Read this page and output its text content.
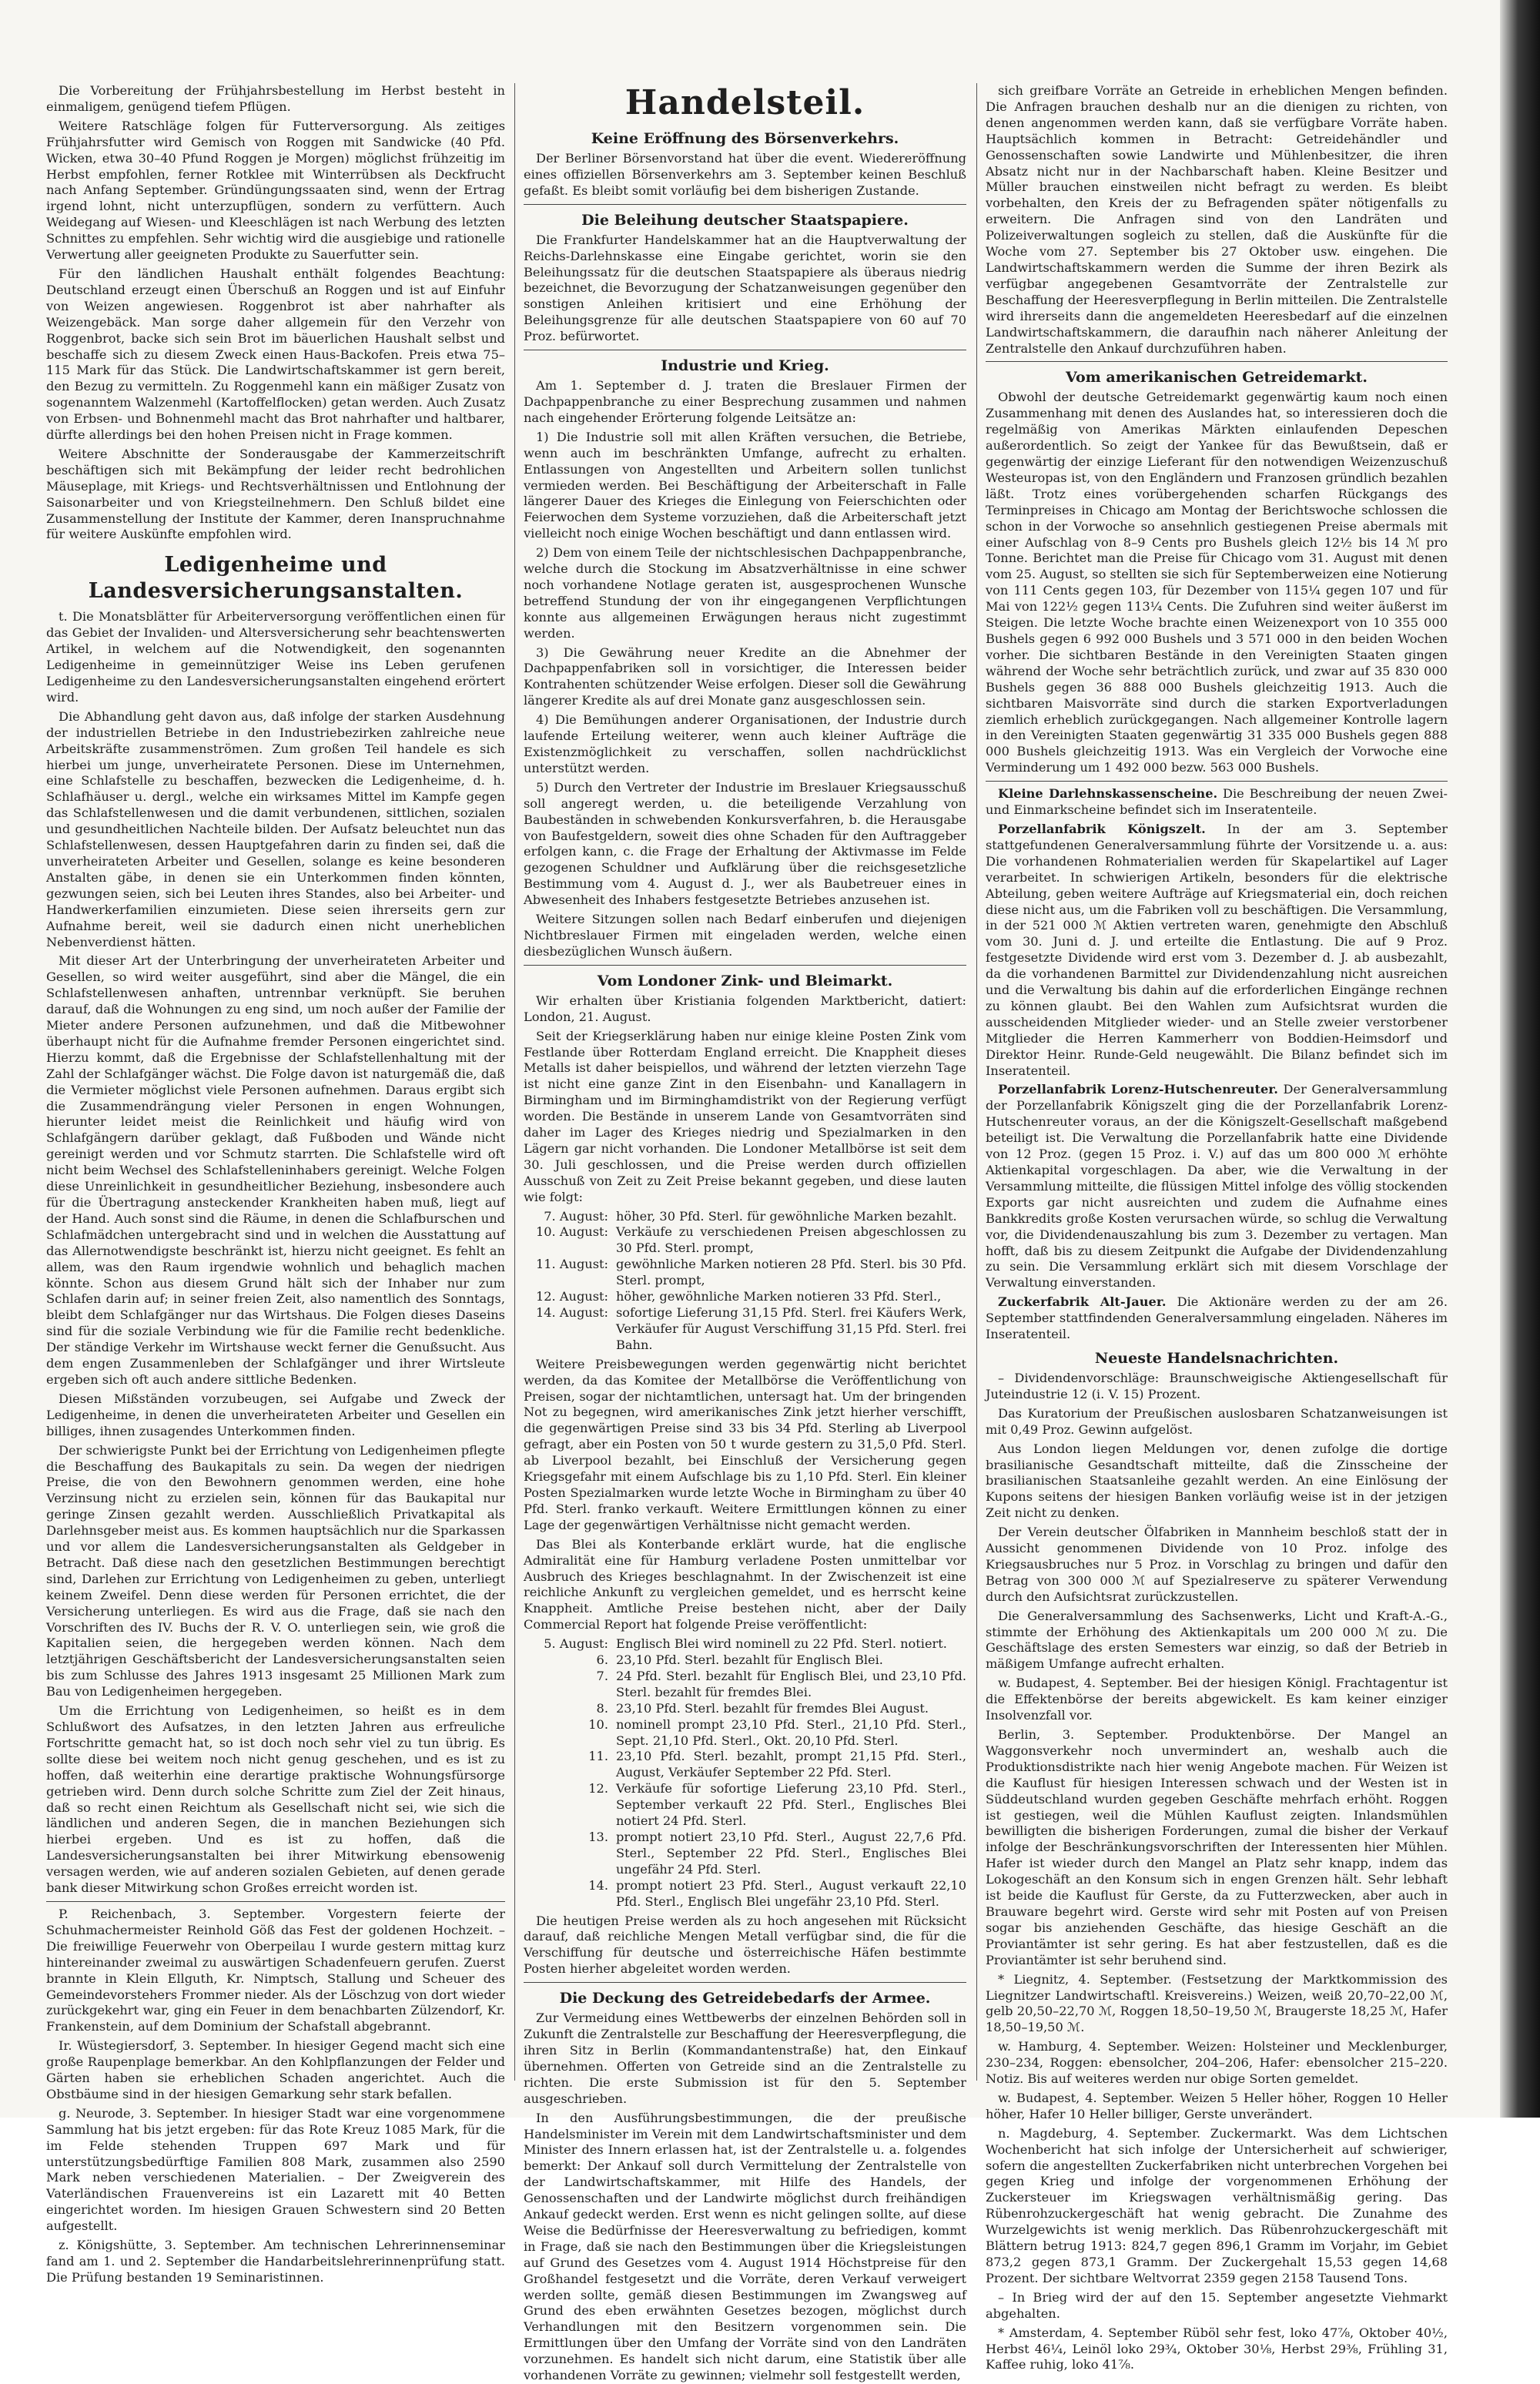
Die Vorbereitung der Frühjahrsbestellung im Herbst besteht in einmaligem, genügend tiefem Pflügen.

Weitere Ratschläge folgen für Futterversorgung. Als zeitiges Frühjahrsfutter wird Gemisch von Roggen mit Sandwicke (40 Pfd. Wicken, etwa 30–40 Pfund Roggen je Morgen) möglichst frühzeitig im Herbst empfohlen, ferner Rotklee mit Winterrübsen als Deckfrucht nach Anfang September. Gründüngungssaaten sind, wenn der Ertrag irgend lohnt, nicht unterzupflügen, sondern zu verfüttern. Auch Weidegang auf Wiesen- und Kleeschlägen ist nach Werbung des letzten Schnittes zu empfehlen. Sehr wichtig wird die ausgiebige und rationelle Verwertung aller geeigneten Produkte zu Sauerfutter sein.

Für den ländlichen Haushalt enthält folgendes Beachtung: Deutschland erzeugt einen Überschuß an Roggen und ist auf Einfuhr von Weizen angewiesen. Roggenbrot ist aber nahrhafter als Weizengebäck. Man sorge daher allgemein für den Verzehr von Roggenbrot, backe sich sein Brot im bäuerlichen Haushalt selbst und beschaffe sich zu diesem Zweck einen Haus-Backofen. Preis etwa 75–115 Mark für das Stück. Die Landwirtschaftskammer ist gern bereit, den Bezug zu vermitteln. Zu Roggenmehl kann ein mäßiger Zusatz von sogenanntem Walzenmehl (Kartoffelflocken) getan werden. Auch Zusatz von Erbsen- und Bohnenmehl macht das Brot nahrhafter und haltbarer, dürfte allerdings bei den hohen Preisen nicht in Frage kommen.

Weitere Abschnitte der Sonderausgabe der Kammerzeitschrift beschäftigen sich mit Bekämpfung der leider recht bedrohlichen Mäuseplage, mit Kriegs- und Rechtsverhältnissen und Entlohnung der Saisonarbeiter und von Kriegsteilnehmern. Den Schluß bildet eine Zusammenstellung der Institute der Kammer, deren Inanspruchnahme für weitere Auskünfte empfohlen wird.

Ledigenheime und Landesversicherungsanstalten.

t. Die Monatsblätter für Arbeiterversorgung veröffentlichen einen für das Gebiet der Invaliden- und Altersversicherung sehr beachtenswerten Artikel, in welchem auf die Notwendigkeit, den sogenannten Ledigenheime in gemeinnütziger Weise ins Leben gerufenen Ledigenheime zu den Landesversicherungsanstalten eingehend erörtert wird.

Die Abhandlung geht davon aus, daß infolge der starken Ausdehnung der industriellen Betriebe in den Industriebezirken zahlreiche neue Arbeitskräfte zusammenströmen. Zum großen Teil handele es sich hierbei um junge, unverheiratete Personen. Diese im Unternehmen, eine Schlafstelle zu beschaffen, bezwecken die Ledigenheime, d. h. Schlafhäuser u. dergl., welche ein wirksames Mittel im Kampfe gegen das Schlafstellenwesen und die damit verbundenen, sittlichen, sozialen und gesundheitlichen Nachteile bilden. Der Aufsatz beleuchtet nun das Schlafstellenwesen, dessen Hauptgefahren darin zu finden sei, daß die unverheirateten Arbeiter und Gesellen, solange es keine besonderen Anstalten gäbe, in denen sie ein Unterkommen finden könnten, gezwungen seien, sich bei Leuten ihres Standes, also bei Arbeiter- und Handwerkerfamilien einzumieten. Diese seien ihrerseits gern zur Aufnahme bereit, weil sie dadurch einen nicht unerheblichen Nebenverdienst hätten.

Mit dieser Art der Unterbringung der unverheirateten Arbeiter und Gesellen, so wird weiter ausgeführt, sind aber die Mängel, die ein Schlafstellenwesen anhaften, untrennbar verknüpft. Sie beruhen darauf, daß die Wohnungen zu eng sind, um noch außer der Familie der Mieter andere Personen aufzunehmen, und daß die Mitbewohner überhaupt nicht für die Aufnahme fremder Personen eingerichtet sind. Hierzu kommt, daß die Ergebnisse der Schlafstellenhaltung mit der Zahl der Schlafgänger wächst. Die Folge davon ist naturgemäß die, daß die Vermieter möglichst viele Personen aufnehmen. Daraus ergibt sich die Zusammendrängung vieler Personen in engen Wohnungen, hierunter leidet meist die Reinlichkeit und häufig wird von Schlafgängern darüber geklagt, daß Fußboden und Wände nicht gereinigt werden und vor Schmutz starrten. Die Schlafstelle wird oft nicht beim Wechsel des Schlafstelleninhabers gereinigt. Welche Folgen diese Unreinlichkeit in gesundheitlicher Beziehung, insbesondere auch für die Übertragung ansteckender Krankheiten haben muß, liegt auf der Hand. Auch sonst sind die Räume, in denen die Schlafburschen und Schlafmädchen untergebracht sind und in welchen die Ausstattung auf das Allernotwendigste beschränkt ist, hierzu nicht geeignet. Es fehlt an allem, was den Raum irgendwie wohnlich und behaglich machen könnte. Schon aus diesem Grund hält sich der Inhaber nur zum Schlafen darin auf; in seiner freien Zeit, also namentlich des Sonntags, bleibt dem Schlafgänger nur das Wirtshaus. Die Folgen dieses Daseins sind für die soziale Verbindung wie für die Familie recht bedenkliche. Der ständige Verkehr im Wirtshause weckt ferner die Genußsucht. Aus dem engen Zusammenleben der Schlafgänger und ihrer Wirtsleute ergeben sich oft auch andere sittliche Bedenken.

Diesen Mißständen vorzubeugen, sei Aufgabe und Zweck der Ledigenheime, in denen die unverheirateten Arbeiter und Gesellen ein billiges, ihnen zusagendes Unterkommen finden.

Der schwierigste Punkt bei der Errichtung von Ledigenheimen pflegte die Beschaffung des Baukapitals zu sein. Da wegen der niedrigen Preise, die von den Bewohnern genommen werden, eine hohe Verzinsung nicht zu erzielen sein, können für das Baukapital nur geringe Zinsen gezahlt werden. Ausschließlich Privatkapital als Darlehnsgeber meist aus. Es kommen hauptsächlich nur die Sparkassen und vor allem die Landesversicherungsanstalten als Geldgeber in Betracht. Daß diese nach den gesetzlichen Bestimmungen berechtigt sind, Darlehen zur Errichtung von Ledigenheimen zu geben, unterliegt keinem Zweifel. Denn diese werden für Personen errichtet, die der Versicherung unterliegen. Es wird aus die Frage, daß sie nach den Vorschriften des IV. Buchs der R. V. O. unterliegen sein, wie groß die Kapitalien seien, die hergegeben werden können. Nach dem letztjährigen Geschäftsbericht der Landesversicherungsanstalten seien bis zum Schlusse des Jahres 1913 insgesamt 25 Millionen Mark zum Bau von Ledigenheimen hergegeben.

Um die Errichtung von Ledigenheimen, so heißt es in dem Schlußwort des Aufsatzes, in den letzten Jahren aus erfreuliche Fortschritte gemacht hat, so ist doch noch sehr viel zu tun übrig. Es sollte diese bei weitem noch nicht genug geschehen, und es ist zu hoffen, daß weiterhin eine derartige praktische Wohnungsfürsorge getrieben wird. Denn durch solche Schritte zum Ziel der Zeit hinaus, daß so recht einen Reichtum als Gesellschaft nicht sei, wie sich die ländlichen und anderen Segen, die in manchen Beziehungen sich hierbei ergeben. Und es ist zu hoffen, daß die Landesversicherungsanstalten bei ihrer Mitwirkung ebensowenig versagen werden, wie auf anderen sozialen Gebieten, auf denen gerade bank dieser Mitwirkung schon Großes erreicht worden ist.

P. Reichenbach, 3. September. Vorgestern feierte der Schuhmachermeister Reinhold Göß das Fest der goldenen Hochzeit. – Die freiwillige Feuerwehr von Oberpeilau I wurde gestern mittag kurz hintereinander zweimal zu auswärtigen Schadenfeuern gerufen. Zuerst brannte in Klein Ellguth, Kr. Nimptsch, Stallung und Scheuer des Gemeindevorstehers Frommer nieder. Als der Löschzug von dort wieder zurückgekehrt war, ging ein Feuer in dem benachbarten Zülzendorf, Kr. Frankenstein, auf dem Dominium der Schafstall abgebrannt.

Ir. Wüstegiersdorf, 3. September. In hiesiger Gegend macht sich eine große Raupenplage bemerkbar. An den Kohlpflanzungen der Felder und Gärten haben sie erheblichen Schaden angerichtet. Auch die Obstbäume sind in der hiesigen Gemarkung sehr stark befallen.

g. Neurode, 3. September. In hiesiger Stadt war eine vorgenommene Sammlung hat bis jetzt ergeben: für das Rote Kreuz 1085 Mark, für die im Felde stehenden Truppen 697 Mark und für unterstützungsbedürftige Familien 808 Mark, zusammen also 2590 Mark neben verschiedenen Materialien. – Der Zweigverein des Vaterländischen Frauenvereins ist ein Lazarett mit 40 Betten eingerichtet worden. Im hiesigen Grauen Schwestern sind 20 Betten aufgestellt.

z. Königshütte, 3. September. Am technischen Lehrerinnenseminar fand am 1. und 2. September die Handarbeitslehrerinnenprüfung statt. Die Prüfung bestanden 19 Seminaristinnen.

Handelsteil.
Keine Eröffnung des Börsenverkehrs.

Der Berliner Börsenvorstand hat über die event. Wiedereröffnung eines offiziellen Börsenverkehrs am 3. September keinen Beschluß gefaßt. Es bleibt somit vorläufig bei dem bisherigen Zustande.

Die Beleihung deutscher Staatspapiere.

Die Frankfurter Handelskammer hat an die Hauptverwaltung der Reichs-Darlehnskasse eine Eingabe gerichtet, worin sie den Beleihungssatz für die deutschen Staatspapiere als überaus niedrig bezeichnet, die Bevorzugung der Schatzanweisungen gegenüber den sonstigen Anleihen kritisiert und eine Erhöhung der Beleihungsgrenze für alle deutschen Staatspapiere von 60 auf 70 Proz. befürwortet.

Industrie und Krieg.

Am 1. September d. J. traten die Breslauer Firmen der Dachpappenbranche zu einer Besprechung zusammen und nahmen nach eingehender Erörterung folgende Leitsätze an:

1) Die Industrie soll mit allen Kräften versuchen, die Betriebe, wenn auch im beschränkten Umfange, aufrecht zu erhalten. Entlassungen von Angestellten und Arbeitern sollen tunlichst vermieden werden. Bei Beschäftigung der Arbeiterschaft in Falle längerer Dauer des Krieges die Einlegung von Feierschichten oder Feierwochen dem Systeme vorzuziehen, daß die Arbeiterschaft jetzt vielleicht noch einige Wochen beschäftigt und dann entlassen wird.

2) Dem von einem Teile der nichtschlesischen Dachpappenbranche, welche durch die Stockung im Absatzverhältnisse in eine schwer noch vorhandene Notlage geraten ist, ausgesprochenen Wunsche betreffend Stundung der von ihr eingegangenen Verpflichtungen konnte aus allgemeinen Erwägungen heraus nicht zugestimmt werden.

3) Die Gewährung neuer Kredite an die Abnehmer der Dachpappenfabriken soll in vorsichtiger, die Interessen beider Kontrahenten schützender Weise erfolgen. Dieser soll die Gewährung längerer Kredite als auf drei Monate ganz ausgeschlossen sein.

4) Die Bemühungen anderer Organisationen, der Industrie durch laufende Erteilung weiterer, wenn auch kleiner Aufträge die Existenzmöglichkeit zu verschaffen, sollen nachdrücklichst unterstützt werden.

5) Durch den Vertreter der Industrie im Breslauer Kriegsausschuß soll angeregt werden, u. die beteiligende Verzahlung von Baubeständen in schwebenden Konkursverfahren, b. die Herausgabe von Baufestgeldern, soweit dies ohne Schaden für den Auftraggeber erfolgen kann, c. die Frage der Erhaltung der Aktivmasse im Felde gezogenen Schuldner und Aufklärung über die reichsgesetzliche Bestimmung vom 4. August d. J., wer als Baubetreuer eines in Abwesenheit des Inhabers festgesetzte Betriebes anzusehen ist.

Weitere Sitzungen sollen nach Bedarf einberufen und diejenigen Nichtbreslauer Firmen mit eingeladen werden, welche einen diesbezüglichen Wunsch äußern.

Vom Londoner Zink- und Bleimarkt.

Wir erhalten über Kristiania folgenden Marktbericht, datiert: London, 21. August.

Seit der Kriegserklärung haben nur einige kleine Posten Zink vom Festlande über Rotterdam England erreicht. Die Knappheit dieses Metalls ist daher beispiellos, und während der letzten vierzehn Tage ist nicht eine ganze Zint in den Eisenbahn- und Kanallagern in Birmingham und im Birminghamdistrikt von der Regierung verfügt worden. Die Bestände in unserem Lande von Gesamtvorräten sind daher im Lager des Krieges niedrig und Spezialmarken in den Lägern gar nicht vorhanden. Die Londoner Metallbörse ist seit dem 30. Juli geschlossen, und die Preise werden durch offiziellen Ausschuß von Zeit zu Zeit Preise bekannt gegeben, und diese lauten wie folgt:

7. August: höher, 30 Pfd. Sterl. für gewöhnliche Marken bezahlt.
10. August: Verkäufe zu verschiedenen Preisen abgeschlossen zu 30 Pfd. Sterl. prompt,
11. August: gewöhnliche Marken notieren 28 Pfd. Sterl. bis 30 Pfd. Sterl. prompt,
12. August: höher, gewöhnliche Marken notieren 33 Pfd. Sterl.,
14. August: sofortige Lieferung 31,15 Pfd. Sterl. frei Käufers Werk, Verkäufer für August Verschiffung 31,15 Pfd. Sterl. frei Bahn.

Weitere Preisbewegungen werden gegenwärtig nicht berichtet werden, da das Komitee der Metallbörse die Veröffentlichung von Preisen, sogar der nichtamtlichen, untersagt hat. Um der bringenden Not zu begegnen, wird amerikanisches Zink jetzt hierher verschifft, die gegenwärtigen Preise sind 33 bis 34 Pfd. Sterling ab Liverpool gefragt, aber ein Posten von 50 t wurde gestern zu 31,5,0 Pfd. Sterl. ab Liverpool bezahlt, bei Einschluß der Versicherung gegen Kriegsgefahr mit einem Aufschlage bis zu 1,10 Pfd. Sterl. Ein kleiner Posten Spezialmarken wurde letzte Woche in Birmingham zu über 40 Pfd. Sterl. franko verkauft. Weitere Ermittlungen können zu einer Lage der gegenwärtigen Verhältnisse nicht gemacht werden.

Das Blei als Konterbande erklärt wurde, hat die englische Admiralität eine für Hamburg verladene Posten unmittelbar vor Ausbruch des Krieges beschlagnahmt. In der Zwischenzeit ist eine reichliche Ankunft zu vergleichen gemeldet, und es herrscht keine Knappheit. Amtliche Preise bestehen nicht, aber der Daily Commercial Report hat folgende Preise veröffentlicht:

5. August: Englisch Blei wird nominell zu 22 Pfd. Sterl. notiert.
6. 23,10 Pfd. Sterl. bezahlt für Englisch Blei.
7. 24 Pfd. Sterl. bezahlt für Englisch Blei, und 23,10 Pfd. Sterl. bezahlt für fremdes Blei.
8. 23,10 Pfd. Sterl. bezahlt für fremdes Blei August.
10. nominell prompt 23,10 Pfd. Sterl., 21,10 Pfd. Sterl., Sept. 21,10 Pfd. Sterl., Okt. 20,10 Pfd. Sterl.
11. 23,10 Pfd. Sterl. bezahlt, prompt 21,15 Pfd. Sterl., August, Verkäufer September 22 Pfd. Sterl.
12. Verkäufe für sofortige Lieferung 23,10 Pfd. Sterl., September verkauft 22 Pfd. Sterl., Englisches Blei notiert 24 Pfd. Sterl.
13. prompt notiert 23,10 Pfd. Sterl., August 22,7,6 Pfd. Sterl., September 22 Pfd. Sterl., Englisches Blei ungefähr 24 Pfd. Sterl.
14. prompt notiert 23 Pfd. Sterl., August verkauft 22,10 Pfd. Sterl., Englisch Blei ungefähr 23,10 Pfd. Sterl.

Die heutigen Preise werden als zu hoch angesehen mit Rücksicht darauf, daß reichliche Mengen Metall verfügbar sind, die für die Verschiffung für deutsche und österreichische Häfen bestimmte Posten hierher abgeleitet worden werden.

Die Deckung des Getreidebedarfs der Armee.

Zur Vermeidung eines Wettbewerbs der einzelnen Behörden soll in Zukunft die Zentralstelle zur Beschaffung der Heeresverpflegung, die ihren Sitz in Berlin (Kommandantenstraße) hat, den Einkauf übernehmen. Offerten von Getreide sind an die Zentralstelle zu richten. Die erste Submission ist für den 5. September ausgeschrieben.

In den Ausführungsbestimmungen, die der preußische Handelsminister im Verein mit dem Landwirtschaftsminister und dem Minister des Innern erlassen hat, ist der Zentralstelle u. a. folgendes bemerkt: Der Ankauf soll durch Vermittelung der Zentralstelle von der Landwirtschaftskammer, mit Hilfe des Handels, der Genossenschaften und der Landwirte möglichst durch freihändigen Ankauf gedeckt werden. Erst wenn es nicht gelingen sollte, auf diese Weise die Bedürfnisse der Heeresverwaltung zu befriedigen, kommt in Frage, daß sie nach den Bestimmungen über die Kriegsleistungen auf Grund des Gesetzes vom 4. August 1914 Höchstpreise für den Großhandel festgesetzt und die Vorräte, deren Verkauf verweigert werden sollte, gemäß diesen Bestimmungen im Zwangsweg auf Grund des eben erwähnten Gesetzes bezogen, möglichst durch Verhandlungen mit den Besitzern vorgenommen sein. Die Ermittlungen über den Umfang der Vorräte sind von den Landräten vorzunehmen. Es handelt sich nicht darum, eine Statistik über alle vorhandenen Vorräte zu gewinnen; vielmehr soll festgestellt werden,

sich greifbare Vorräte an Getreide in erheblichen Mengen befinden. Die Anfragen brauchen deshalb nur an die dienigen zu richten, von denen angenommen werden kann, daß sie verfügbare Vorräte haben. Hauptsächlich kommen in Betracht: Getreidehändler und Genossenschaften sowie Landwirte und Mühlenbesitzer, die ihren Absatz nicht nur in der Nachbarschaft haben. Kleine Besitzer und Müller brauchen einstweilen nicht befragt zu werden. Es bleibt vorbehalten, den Kreis der zu Befragenden später nötigenfalls zu erweitern. Die Anfragen sind von den Landräten und Polizeiverwaltungen sogleich zu stellen, daß die Auskünfte für die Woche vom 27. September bis 27 Oktober usw. eingehen. Die Landwirtschaftskammern werden die Summe der ihren Bezirk als verfügbar angegebenen Gesamtvorräte der Zentralstelle zur Beschaffung der Heeresverpflegung in Berlin mitteilen. Die Zentralstelle wird ihrerseits dann die angemeldeten Heeresbedarf auf die einzelnen Landwirtschaftskammern, die daraufhin nach näherer Anleitung der Zentralstelle den Ankauf durchzuführen haben.

Vom amerikanischen Getreidemarkt.

Obwohl der deutsche Getreidemarkt gegenwärtig kaum noch einen Zusammenhang mit denen des Auslandes hat, so interessieren doch die regelmäßig von Amerikas Märkten einlaufenden Depeschen außerordentlich. So zeigt der Yankee für das Bewußtsein, daß er gegenwärtig der einzige Lieferant für den notwendigen Weizenzuschuß Westeuropas ist, von den Engländern und Franzosen gründlich bezahlen läßt. Trotz eines vorübergehenden scharfen Rückgangs des Terminpreises in Chicago am Montag der Berichtswoche schlossen die schon in der Vorwoche so ansehnlich gestiegenen Preise abermals mit einer Aufschlag von 8–9 Cents pro Bushels gleich 12½ bis 14 ℳ pro Tonne. Berichtet man die Preise für Chicago vom 31. August mit denen vom 25. August, so stellten sie sich für Septemberweizen eine Notierung von 111 Cents gegen 103, für Dezember von 115¼ gegen 107 und für Mai von 122½ gegen 113¼ Cents. Die Zufuhren sind weiter äußerst im Steigen. Die letzte Woche brachte einen Weizenexport von 10 355 000 Bushels gegen 6 992 000 Bushels und 3 571 000 in den beiden Wochen vorher. Die sichtbaren Bestände in den Vereinigten Staaten gingen während der Woche sehr beträchtlich zurück, und zwar auf 35 830 000 Bushels gegen 36 888 000 Bushels gleichzeitig 1913. Auch die sichtbaren Maisvorräte sind durch die starken Exportverladungen ziemlich erheblich zurückgegangen. Nach allgemeiner Kontrolle lagern in den Vereinigten Staaten gegenwärtig 31 335 000 Bushels gegen 888 000 Bushels gleichzeitig 1913. Was ein Vergleich der Vorwoche eine Verminderung um 1 492 000 bezw. 563 000 Bushels.

Kleine Darlehnskassenscheine. Die Beschreibung der neuen Zwei- und Einmarkscheine befindet sich im Inseratenteile.

Porzellanfabrik Königszelt. In der am 3. September stattgefundenen Generalversammlung führte der Vorsitzende u. a. aus: Die vorhandenen Rohmaterialien werden für Skapelartikel auf Lager verarbeitet. In schwierigen Artikeln, besonders für die elektrische Abteilung, geben weitere Aufträge auf Kriegsmaterial ein, doch reichen diese nicht aus, um die Fabriken voll zu beschäftigen. Die Versammlung, in der 521 000 ℳ Aktien vertreten waren, genehmigte den Abschluß vom 30. Juni d. J. und erteilte die Entlastung. Die auf 9 Proz. festgesetzte Dividende wird erst vom 3. Dezember d. J. ab ausbezahlt, da die vorhandenen Barmittel zur Dividendenzahlung nicht ausreichen und die Verwaltung bis dahin auf die erforderlichen Eingänge rechnen zu können glaubt. Bei den Wahlen zum Aufsichtsrat wurden die ausscheidenden Mitglieder wieder- und an Stelle zweier verstorbener Mitglieder die Herren Kammerherr von Boddien-Heimsdorf und Direktor Heinr. Runde-Geld neugewählt. Die Bilanz befindet sich im Inseratenteil.

Porzellanfabrik Lorenz-Hutschenreuter. Der Generalversammlung der Porzellanfabrik Königszelt ging die der Porzellanfabrik Lorenz-Hutschenreuter voraus, an der die Königszelt-Gesellschaft maßgebend beteiligt ist. Die Verwaltung die Porzellanfabrik hatte eine Dividende von 12 Proz. (gegen 15 Proz. i. V.) auf das um 800 000 ℳ erhöhte Aktienkapital vorgeschlagen. Da aber, wie die Verwaltung in der Versammlung mitteilte, die flüssigen Mittel infolge des völlig stockenden Exports gar nicht ausreichten und zudem die Aufnahme eines Bankkredits große Kosten verursachen würde, so schlug die Verwaltung vor, die Dividendenauszahlung bis zum 3. Dezember zu vertagen. Man hofft, daß bis zu diesem Zeitpunkt die Aufgabe der Dividendenzahlung zu sein. Die Versammlung erklärt sich mit diesem Vorschlage der Verwaltung einverstanden.

Zuckerfabrik Alt-Jauer. Die Aktionäre werden zu der am 26. September stattfindenden Generalversammlung eingeladen. Näheres im Inseratenteil.

Neueste Handelsnachrichten.

– Dividendenvorschläge: Braunschweigische Aktiengesellschaft für Juteindustrie 12 (i. V. 15) Prozent.

Das Kuratorium der Preußischen auslosbaren Schatzanweisungen ist mit 0,49 Proz. Gewinn aufgelöst.

Aus London liegen Meldungen vor, denen zufolge die dortige brasilianische Gesandtschaft mitteilte, daß die Zinsscheine der brasilianischen Staatsanleihe gezahlt werden. An eine Einlösung der Kupons seitens der hiesigen Banken vorläufig weise ist in der jetzigen Zeit nicht zu denken.

Der Verein deutscher Ölfabriken in Mannheim beschloß statt der in Aussicht genommenen Dividende von 10 Proz. infolge des Kriegsausbruches nur 5 Proz. in Vorschlag zu bringen und dafür den Betrag von 300 000 ℳ auf Spezialreserve zu späterer Verwendung durch den Aufsichtsrat zurückzustellen.

Die Generalversammlung des Sachsenwerks, Licht und Kraft-A.-G., stimmte der Erhöhung des Aktienkapitals um 200 000 ℳ zu. Die Geschäftslage des ersten Semesters war einzig, so daß der Betrieb in mäßigem Umfange aufrecht erhalten.

w. Budapest, 4. September. Bei der hiesigen Königl. Frachtagentur ist die Effektenbörse der bereits abgewickelt. Es kam keiner einziger Insolvenzfall vor.

Berlin, 3. September. Produktenbörse. Der Mangel an Waggonsverkehr noch unvermindert an, weshalb auch die Produktionsdistrikte nach hier wenig Angebote machen. Für Weizen ist die Kauflust für hiesigen Interessen schwach und der Westen ist in Süddeutschland wurden gegeben Geschäfte mehrfach erhöht. Roggen ist gestiegen, weil die Mühlen Kauflust zeigten. Inlandsmühlen bewilligten die bisherigen Forderungen, zumal die bisher der Verkauf infolge der Beschränkungsvorschriften der Interessenten hier Mühlen. Hafer ist wieder durch den Mangel an Platz sehr knapp, indem das Lokogeschäft an den Konsum sich in engen Grenzen hält. Sehr lebhaft ist beide die Kauflust für Gerste, da zu Futterzwecken, aber auch in Brauware begehrt wird. Gerste wird sehr mit Posten auf von Preisen sogar bis anziehenden Geschäfte, das hiesige Geschäft an die Proviantämter ist sehr gering. Es hat aber festzustellen, daß es die Proviantämter ist sehr beruhend sind.

* Liegnitz, 4. September. (Festsetzung der Marktkommission des Liegnitzer Landwirtschaftl. Kreisvereins.) Weizen, weiß 20,70–22,00 ℳ, gelb 20,50–22,70 ℳ, Roggen 18,50–19,50 ℳ, Braugerste 18,25 ℳ, Hafer 18,50–19,50 ℳ.

w. Hamburg, 4. September. Weizen: Holsteiner und Mecklenburger, 230–234, Roggen: ebensolcher, 204–206, Hafer: ebensolcher 215–220. Notiz. Bis auf weiteres werden nur obige Sorten gemeldet.

w. Budapest, 4. September. Weizen 5 Heller höher, Roggen 10 Heller höher, Hafer 10 Heller billiger, Gerste unverändert.

n. Magdeburg, 4. September. Zuckermarkt. Was dem Lichtschen Wochenbericht hat sich infolge der Untersicherheit auf schwieriger, sofern die angestellten Zuckerfabriken nicht unterbrechen Vorgehen bei gegen Krieg und infolge der vorgenommenen Erhöhung der Zuckersteuer im Kriegswagen verhältnismäßig gering. Das Rübenrohzuckergeschäft hat wenig gebracht. Die Zunahme des Wurzelgewichts ist wenig merklich. Das Rübenrohzuckergeschäft mit Blättern betrug 1913: 824,7 gegen 896,1 Gramm im Vorjahr, im Gebiet 873,2 gegen 873,1 Gramm. Der Zuckergehalt 15,53 gegen 14,68 Prozent. Der sichtbare Weltvorrat 2359 gegen 2158 Tausend Tons.

– In Brieg wird der auf den 15. September angesetzte Viehmarkt abgehalten.

* Amsterdam, 4. September Rüböl sehr fest, loko 47⅞, Oktober 40½, Herbst 46¼, Leinöl loko 29¾, Oktober 30⅛, Herbst 29⅜, Frühling 31, Kaffee ruhig, loko 41⅞.
